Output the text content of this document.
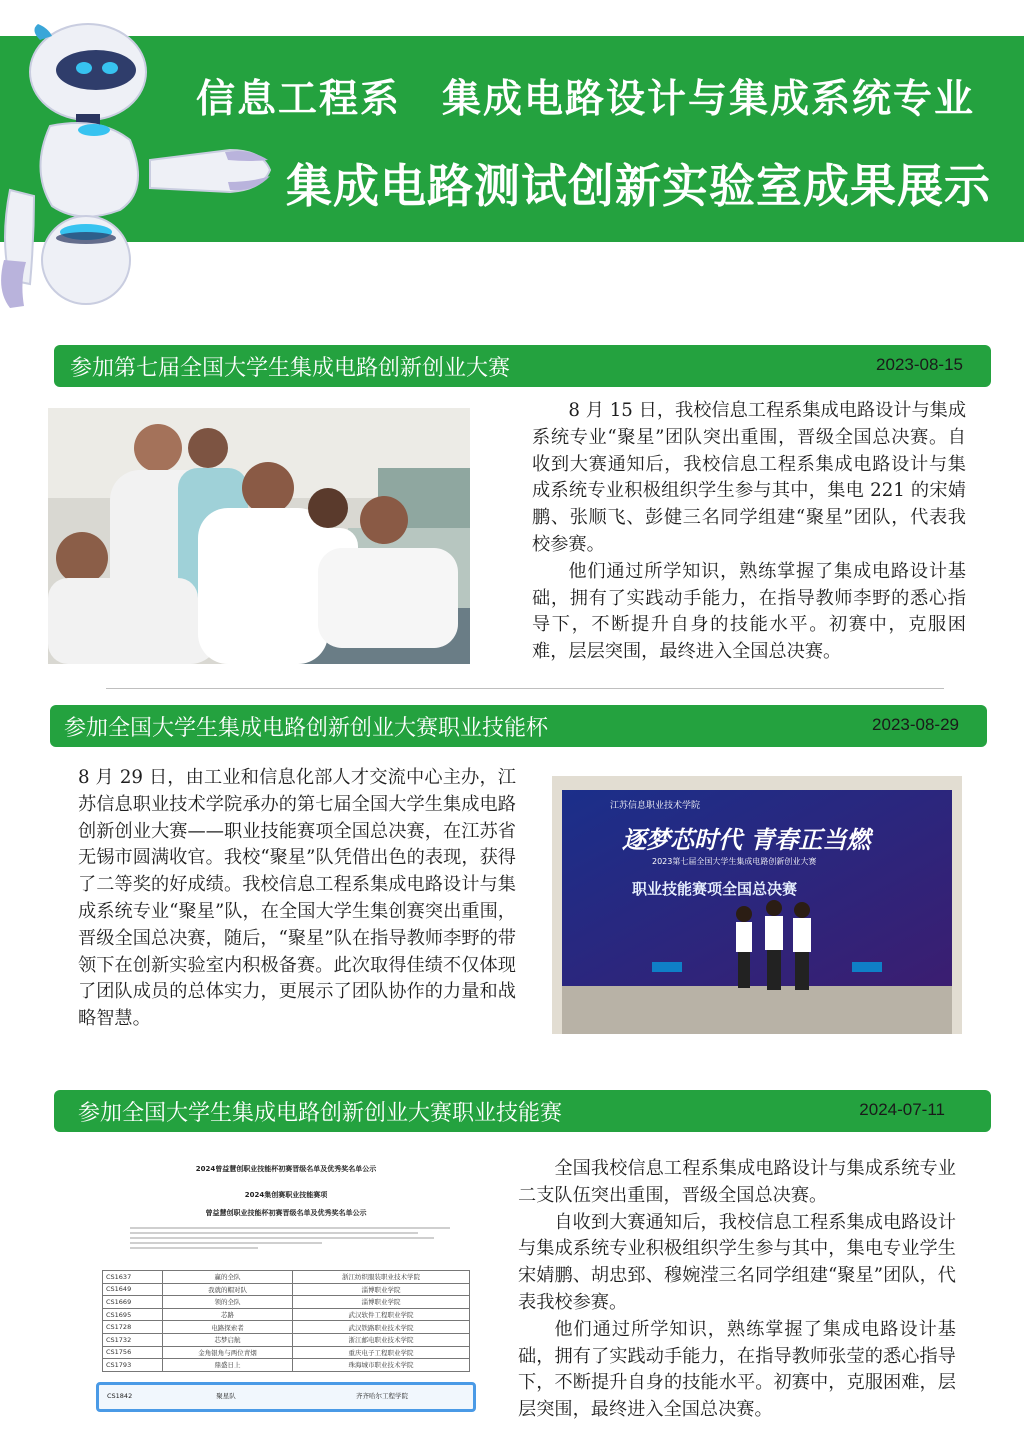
信息工程系　集成电路设计与集成系统专业
集成电路测试创新实验室成果展示
参加第七届全国大学生集成电路创新创业大赛	2023-08-15

8 月 15 日，我校信息工程系集成电路设计与集成系统专业“聚星”团队突出重围，晋级全国总决赛。自收到大赛通知后，我校信息工程系集成电路设计与集成系统专业积极组织学生参与其中，集电 221 的宋婧鹏、张顺飞、彭健三名同学组建“聚星”团队，代表我校参赛。

他们通过所学知识，熟练掌握了集成电路设计基础，拥有了实践动手能力，在指导教师李野的悉心指导下，不断提升自身的技能水平。初赛中，克服困难，层层突围，最终进入全国总决赛。

参加全国大学生集成电路创新创业大赛职业技能杯	2023-08-29

8 月 29 日，由工业和信息化部人才交流中心主办，江苏信息职业技术学院承办的第七届全国大学生集成电路创新创业大赛——职业技能赛项全国总决赛，在江苏省无锡市圆满收官。我校“聚星”队凭借出色的表现，获得了二等奖的好成绩。我校信息工程系集成电路设计与集成系统专业“聚星”队，在全国大学生集创赛突出重围，晋级全国总决赛，随后，“聚星”队在指导教师李野的带领下在创新实验室内积极备赛。此次取得佳绩不仅体现了团队成员的总体实力，更展示了团队协作的力量和战略智慧。

江苏信息职业技术学院
逐梦芯时代 青春正当燃
2023第七届全国大学生集成电路创新创业大赛
职业技能赛项全国总决赛
参加全国大学生集成电路创新创业大赛职业技能赛	2024-07-11
2024曾益慧创职业技能杯初赛晋级名单及优秀奖名单公示
2024集创赛职业技能赛项
曾益慧创职业技能杯初赛晋级名单及优秀奖名单公示
CS1637	赢的全队	浙江纺织服装职业技术学院
CS1649	我就的帽对队	淄博职业学院
CS1669	领的全队	淄博职业学院
CS1695	芯路	武汉软件工程职业学院
CS1728	电路探索者	武汉铁路职业技术学院
CS1732	芯梦启航	浙江邮电职业技术学院
CS1756	金角银角与两位青烟	重庆电子工程职业学院
CS1793	鼎盛日上	珠海城市职业技术学院
CS1842	聚星队	齐齐哈尔工程学院

全国我校信息工程系集成电路设计与集成系统专业二支队伍突出重围，晋级全国总决赛。

自收到大赛通知后，我校信息工程系集成电路设计与集成系统专业积极组织学生参与其中，集电专业学生宋婧鹏、胡忠郅、穆婉滢三名同学组建“聚星”团队，代表我校参赛。

他们通过所学知识，熟练掌握了集成电路设计基础，拥有了实践动手能力，在指导教师张莹的悉心指导下，不断提升自身的技能水平。初赛中，克服困难，层层突围，最终进入全国总决赛。
